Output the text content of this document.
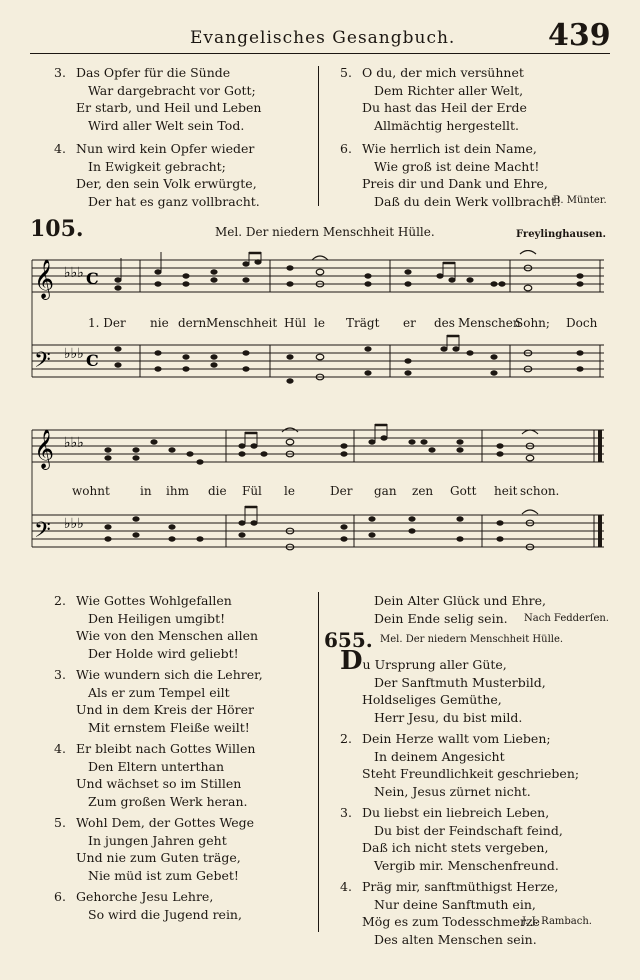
Evangelisches Gesangbuch.	439
3. Das Opfer für die Sünde
War dargebracht vor Gott;
Er starb, und Heil und Leben
Wird aller Welt sein Tod.
4. Nun wird kein Opfer wieder
In Ewigkeit gebracht;
Der, den sein Volk erwürgte,
Der hat es ganz vollbracht.
5. O du, der mich versühnet
Dem Richter aller Welt,
Du hast das Heil der Erde
Allmächtig hergestellt.
6. Wie herrlich ist dein Name,
Wie groß ist deine Macht!
Preis dir und Dank und Ehre,
Daß du dein Werk vollbracht!
B. Münter.
105.	Mel. Der niedern Menschheit Hülle.	Freylinghausen.
𝄞
𝄢
♭♭♭
♭♭♭
C
C
1. Der nie dern Menschheit Hül le Trägt er des Menschen Sohn; Doch
𝄞
𝄢
♭♭♭
♭♭♭
wohnt	in ihm die Fül le	Der gan zen Gott heit schon.
2. Wie Gottes Wohlgefallen
Den Heiligen umgibt!
Wie von den Menschen allen
Der Holde wird geliebt!
3. Wie wundern sich die Lehrer,
Als er zum Tempel eilt
Und in dem Kreis der Hörer
Mit ernstem Fleiße weilt!
4. Er bleibt nach Gottes Willen
Den Eltern unterthan
Und wächset so im Stillen
Zum großen Werk heran.
5. Wohl Dem, der Gottes Wege
In jungen Jahren geht
Und nie zum Guten träge,
Nie müd ist zum Gebet!
6. Gehorche Jesu Lehre,
So wird die Jugend rein,
Dein Alter Glück und Ehre,
Dein Ende selig sein.	Nach Fedderſen.
655. Mel. Der niedern Menschheit Hülle.
Du Ursprung aller Güte,
Der Sanftmuth Musterbild,
Holdseliges Gemüthe,
Herr Jesu, du bist mild.
2. Dein Herze wallt vom Lieben;
In deinem Angesicht
Steht Freundlichkeit geschrieben;
Nein, Jesus zürnet nicht.
3. Du liebst ein liebreich Leben,
Du bist der Feindschaft feind,
Daß ich nicht stets vergeben,
Vergib mir. Menschenfreund.
4. Präg mir, sanftmüthigst Herze,
Nur deine Sanftmuth ein,
Mög es zum Todesschmerze
Des alten Menschen sein.
J. J. Rambach.
